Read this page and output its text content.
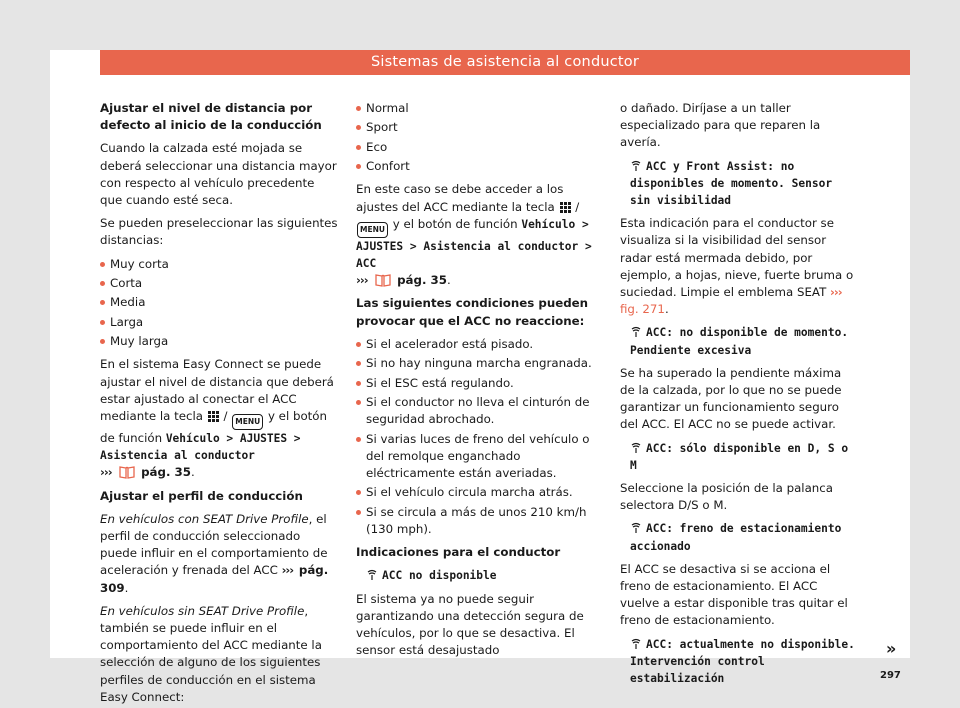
Sistemas de asistencia al conductor

Ajustar el nivel de distancia por defecto al inicio de la conducción

Cuando la calzada esté mojada se deberá seleccionar una distancia mayor con respecto al vehículo precedente que cuando esté seca.

Se pueden preseleccionar las siguientes distancias:

Muy corta
Corta
Media
Larga
Muy larga

En el sistema Easy Connect se puede ajustar el nivel de distancia que deberá estar ajustado al conectar el ACC mediante la tecla  / MENU y el botón de función Vehículo > AJUSTES > Asistencia al conductor
›››	pág. 35.

Ajustar el perfil de conducción

En vehículos con SEAT Drive Profile, el perfil de conducción seleccionado puede influir en el comportamiento de aceleración y frenada del ACC ››› pág. 309.

En vehículos sin SEAT Drive Profile, también se puede influir en el comportamiento del ACC mediante la selección de alguno de los siguientes perfiles de conducción en el sistema Easy Connect:

Normal
Sport
Eco
Confort

En este caso se debe acceder a los ajustes del ACC mediante la tecla  / MENU y el botón de función Vehículo > AJUSTES > Asistencia al conductor > ACC
›››	pág. 35.

Las siguientes condiciones pueden provocar que el ACC no reaccione:

Si el acelerador está pisado.
Si no hay ninguna marcha engranada.
Si el ESC está regulando.
Si el conductor no lleva el cinturón de seguridad abrochado.
Si varias luces de freno del vehículo o del remolque enganchado eléctricamente están averiadas.
Si el vehículo circula marcha atrás.
Si se circula a más de unos 210 km/h (130 mph).

Indicaciones para el conductor

ACC no disponible

El sistema ya no puede seguir garantizando una detección segura de vehículos, por lo que se desactiva. El sensor está desajustado

o dañado. Diríjase a un taller especializado para que reparen la avería.

ACC y Front Assist: no disponibles de momento. Sensor sin visibilidad

Esta indicación para el conductor se visualiza si la visibilidad del sensor radar está mermada debido, por ejemplo, a hojas, nieve, fuerte bruma o suciedad. Limpie el emblema SEAT ››› fig. 271.

ACC: no disponible de momento. Pendiente excesiva

Se ha superado la pendiente máxima de la calzada, por lo que no se puede garantizar un funcionamiento seguro del ACC. El ACC no se puede activar.

ACC: sólo disponible en D, S o M

Seleccione la posición de la palanca selectora D/S o M.

ACC: freno de estacionamiento accionado

El ACC se desactiva si se acciona el freno de estacionamiento. El ACC vuelve a estar disponible tras quitar el freno de estacionamiento.

ACC: actualmente no disponible. Intervención control estabilización

»
297
